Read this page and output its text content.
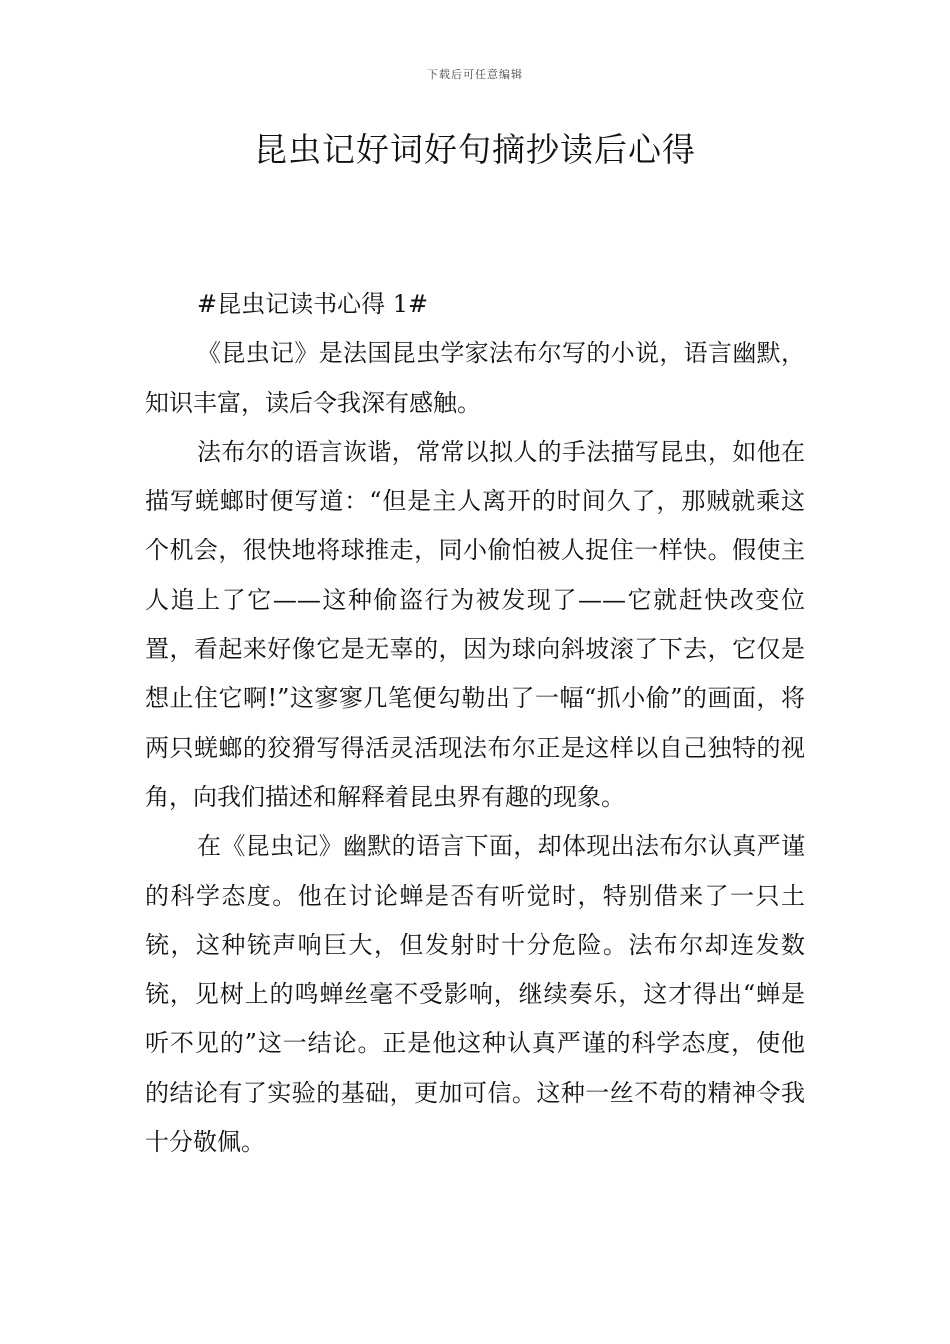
下载后可任意编辑
昆虫记好词好句摘抄读后心得

#昆虫记读书心得 1#

《昆虫记》是法国昆虫学家法布尔写的小说，语言幽默，知识丰富，读后令我深有感触。

法布尔的语言诙谐，常常以拟人的手法描写昆虫，如他在描写蜣螂时便写道：“但是主人离开的时间久了，那贼就乘这个机会，很快地将球推走，同小偷怕被人捉住一样快。假使主人追上了它——这种偷盗行为被发现了——它就赶快改变位置，看起来好像它是无辜的，因为球向斜坡滚了下去，它仅是想止住它啊!”这寥寥几笔便勾勒出了一幅“抓小偷”的画面，将两只蜣螂的狡猾写得活灵活现法布尔正是这样以自己独特的视角，向我们描述和解释着昆虫界有趣的现象。

在《昆虫记》幽默的语言下面，却体现出法布尔认真严谨的科学态度。他在讨论蝉是否有听觉时，特别借来了一只土铳，这种铳声响巨大，但发射时十分危险。法布尔却连发数铳，见树上的鸣蝉丝毫不受影响，继续奏乐，这才得出“蝉是听不见的”这一结论。正是他这种认真严谨的科学态度，使他的结论有了实验的基础，更加可信。这种一丝不苟的精神令我十分敬佩。
